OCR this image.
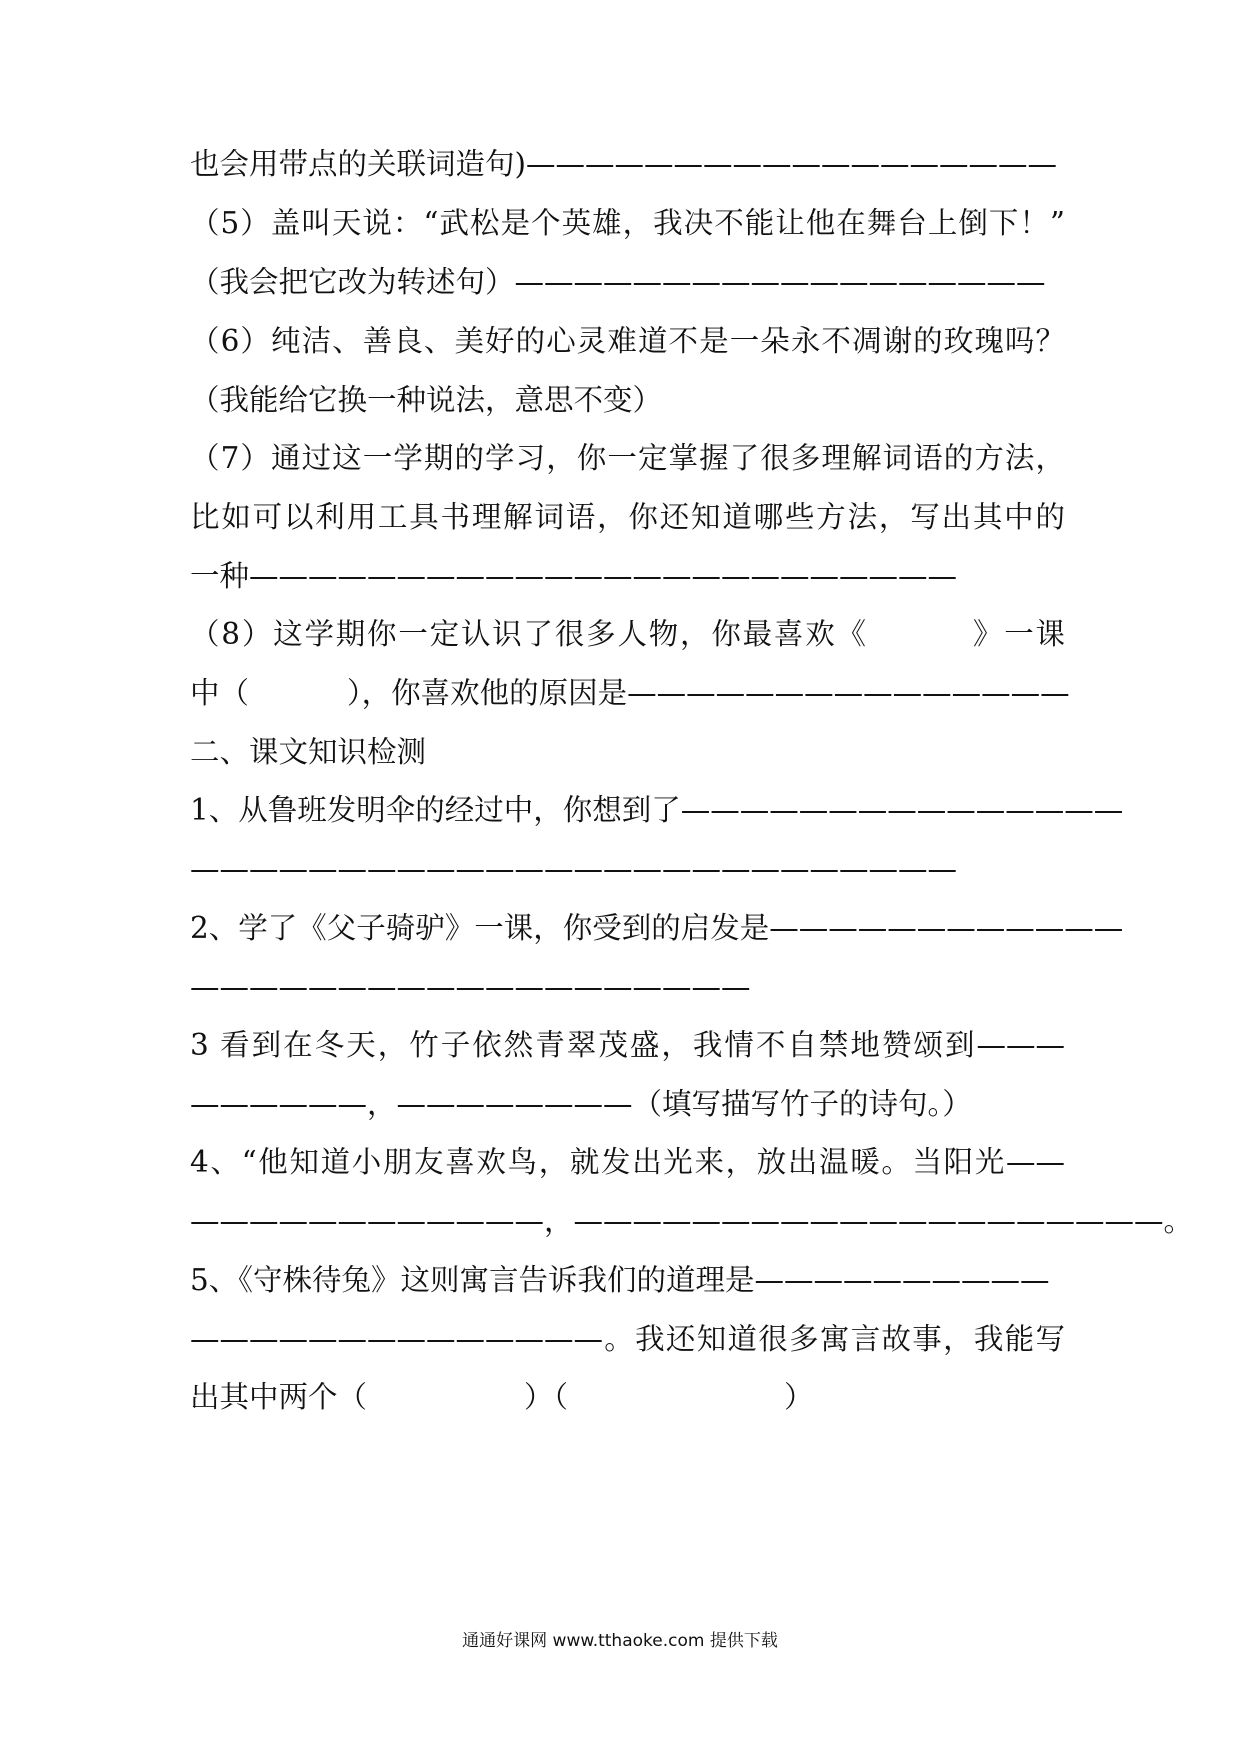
也会用带点的关联词造句)——————————————————
（5）盖叫天说：“武松是个英雄，我决不能让他在舞台上倒下！”
（我会把它改为转述句）——————————————————
（6）纯洁、善良、美好的心灵难道不是一朵永不凋谢的玫瑰吗？
（我能给它换一种说法，意思不变）
（7）通过这一学期的学习，你一定掌握了很多理解词语的方法，
比如可以利用工具书理解词语，你还知道哪些方法，写出其中的
一种————————————————————————
（8）这学期你一定认识了很多人物，你最喜欢《　　　 》一课
中（　　　 ），你喜欢他的原因是———————————————
二、课文知识检测
1、从鲁班发明伞的经过中，你想到了———————————————
——————————————————————————
2、学了《父子骑驴》一课，你受到的启发是————————————
———————————————————
3 看到在冬天，竹子依然青翠茂盛，我情不自禁地赞颂到———
——————，————————（填写描写竹子的诗句。）
4、“他知道小朋友喜欢鸟，就发出光来，放出温暖。当阳光——
————————————，————————————————————。
5、《守株待兔》这则寓言告诉我们的道理是——————————
——————————————。我还知道很多寓言故事，我能写
出其中两个（　　　　　 ）（　　　　　　　 ）
通通好课网 www.tthaoke.com 提供下载
